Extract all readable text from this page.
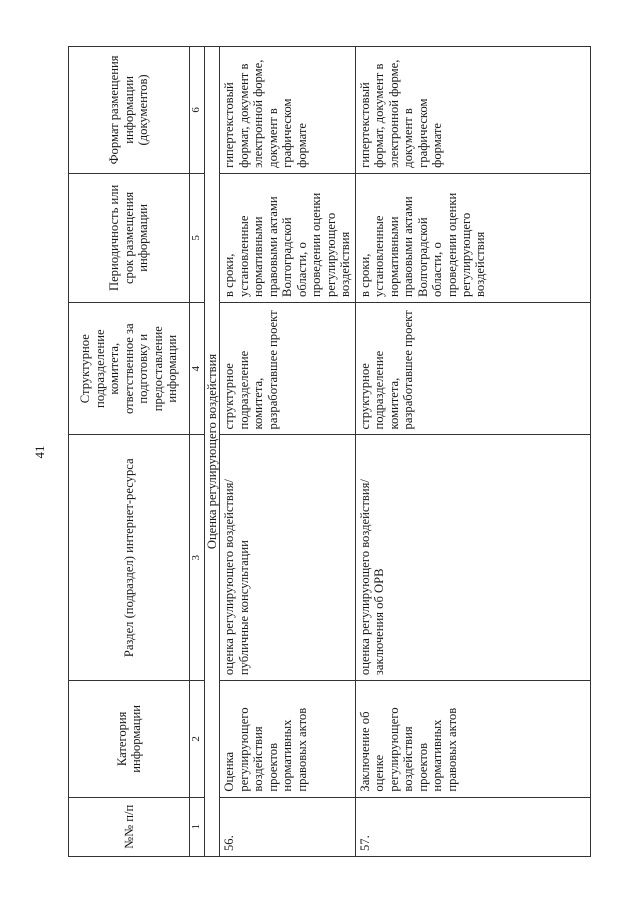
41
№№ п/п	Категория информации	Раздел (подраздел) интернет-ресурса	Структурное подразделение комитета, ответственное за подготовку и предоставление информации	Периодичность или срок размещения информации	Формат размещения информации (документов)
1	2	3	4	5	6
Оценка регулирующего воздействия					
56.	Оценка регулирующего воздействия проектов нормативных правовых актов	оценка регулирующего воздействия/публичные консультации	структурное подразделение комитета, разработавшее проект	в сроки, установленные нормативными правовыми актами Волгоградской области, о проведении оценки регулирующего воздействия	гипертекстовый формат, документ в электронной форме, документ в графическом формате
57.	Заключение об оценке регулирующего воздействия проектов нормативных правовых актов	оценка регулирующего воздействия/заключения об ОРВ	структурное подразделение комитета, разработавшее проект	в сроки, установленные нормативными правовыми актами Волгоградской области, о проведении оценки регулирующего воздействия	гипертекстовый формат, документ в электронной форме, документ в графическом формате
